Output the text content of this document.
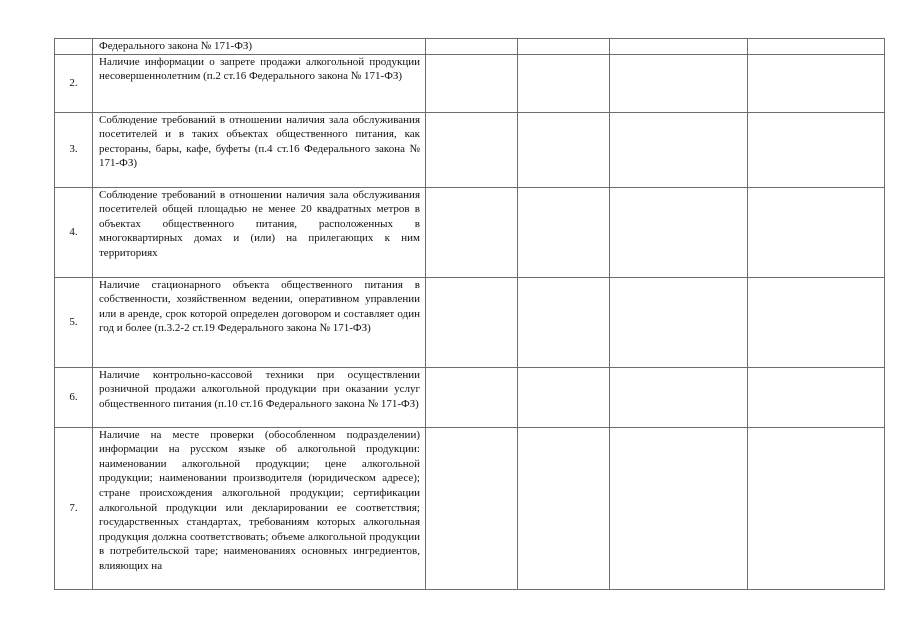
	Федерального закона № 171-ФЗ)				
2.	Наличие информации о запрете продажи алкогольной продукции несовершеннолетним (п.2 ст.16 Федерального закона № 171-ФЗ)				
3.	Соблюдение требований в отношении наличия зала обслуживания посетителей и в таких объектах общественного питания, как рестораны, бары, кафе, буфеты (п.4 ст.16 Федерального закона № 171-ФЗ)				
4.	Соблюдение требований в отношении наличия зала обслуживания посетителей общей площадью не менее 20 квадратных метров в объектах общественного питания, расположенных в многоквартирных домах и (или) на прилегающих к ним территориях				
5.	Наличие стационарного объекта общественного питания в собственности, хозяйственном ведении, оперативном управлении или в аренде, срок которой определен договором и составляет один год и более (п.3.2-2 ст.19 Федерального закона № 171-ФЗ)				
6.	Наличие контрольно-кассовой техники при осуществлении розничной продажи алкогольной продукции при оказании услуг общественного питания (п.10 ст.16 Федерального закона № 171-ФЗ)				
7.	Наличие на месте проверки (обособленном подразделении) информации на русском языке об алкогольной продукции: наименовании алкогольной продукции; цене алкогольной продукции; наименовании производителя (юридическом адресе); стране происхождения алкогольной продукции; сертификации алкогольной продукции или декларировании ее соответствия; государственных стандартах, требованиям которых алкогольная продукция должна соответствовать; объеме алкогольной продукции в потребительской таре; наименованиях основных ингредиентов, влияющих на				
